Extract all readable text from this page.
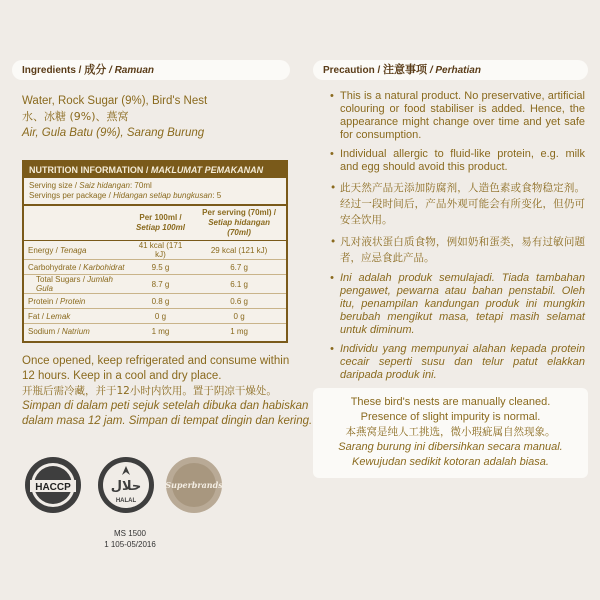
Ingredients / 成分 / Ramuan
Water, Rock Sugar (9%), Bird's Nest
水、冰糖 (9%)、燕窝
Air, Gula Batu (9%), Sarang Burung
NUTRITION INFORMATION / MAKLUMAT PEMAKANAN
Serving size / Saiz hidangan: 70ml
Servings per package / Hidangan setiap bungkusan: 5
	Per 100ml /
Setiap 100ml	Per serving (70ml) /
Setiap hidangan (70ml)
Energy / Tenaga	41 kcal (171 kJ)	29 kcal (121 kJ)
Carbohydrate / Karbohidrat	9.5 g	6.7 g
Total Sugars / Jumlah Gula	8.7 g	6.1 g
Protein / Protein	0.8 g	0.6 g
Fat / Lemak	0 g	0 g
Sodium / Natrium	1 mg	1 mg
Once opened, keep refrigerated and consume within
12 hours. Keep in a cool and dry place.
开瓶后需冷藏，并于12小时内饮用。置于阴凉干燥处。
Simpan di dalam peti sejuk setelah dibuka dan habiskan
dalam masa 12 jam. Simpan di tempat dingin dan kering.
HACCP	حلال
HALAL
Superbrands
MS 1500
1 105-05/2016
Precaution / 注意事项 / Perhatian
• This is a natural product. No preservative, artificial colouring or food stabiliser is added. Hence, the appearance might change over time and yet safe for consumption.
• Individual allergic to fluid-like protein, e.g. milk and egg should avoid this product.
• 此天然产品无添加防腐剂，人造色素或食物稳定剂。经过一段时间后，产品外观可能会有所变化，但仍可安全饮用。
• 凡对液状蛋白质食物，例如奶和蛋类，易有过敏问题者，应忌食此产品。
• Ini adalah produk semulajadi. Tiada tambahan pengawet, pewarna atau bahan penstabil. Oleh itu, penampilan kandungan produk ini mungkin berubah mengikut masa, tetapi masih selamat untuk diminum.
• Individu yang mempunyai alahan kepada protein cecair seperti susu dan telur patut elakkan daripada produk ini.
These bird's nests are manually cleaned.
Presence of slight impurity is normal.
本燕窝是纯人工挑选，微小瑕疵属自然现象。
Sarang burung ini dibersihkan secara manual.
Kewujudan sedikit kotoran adalah biasa.
